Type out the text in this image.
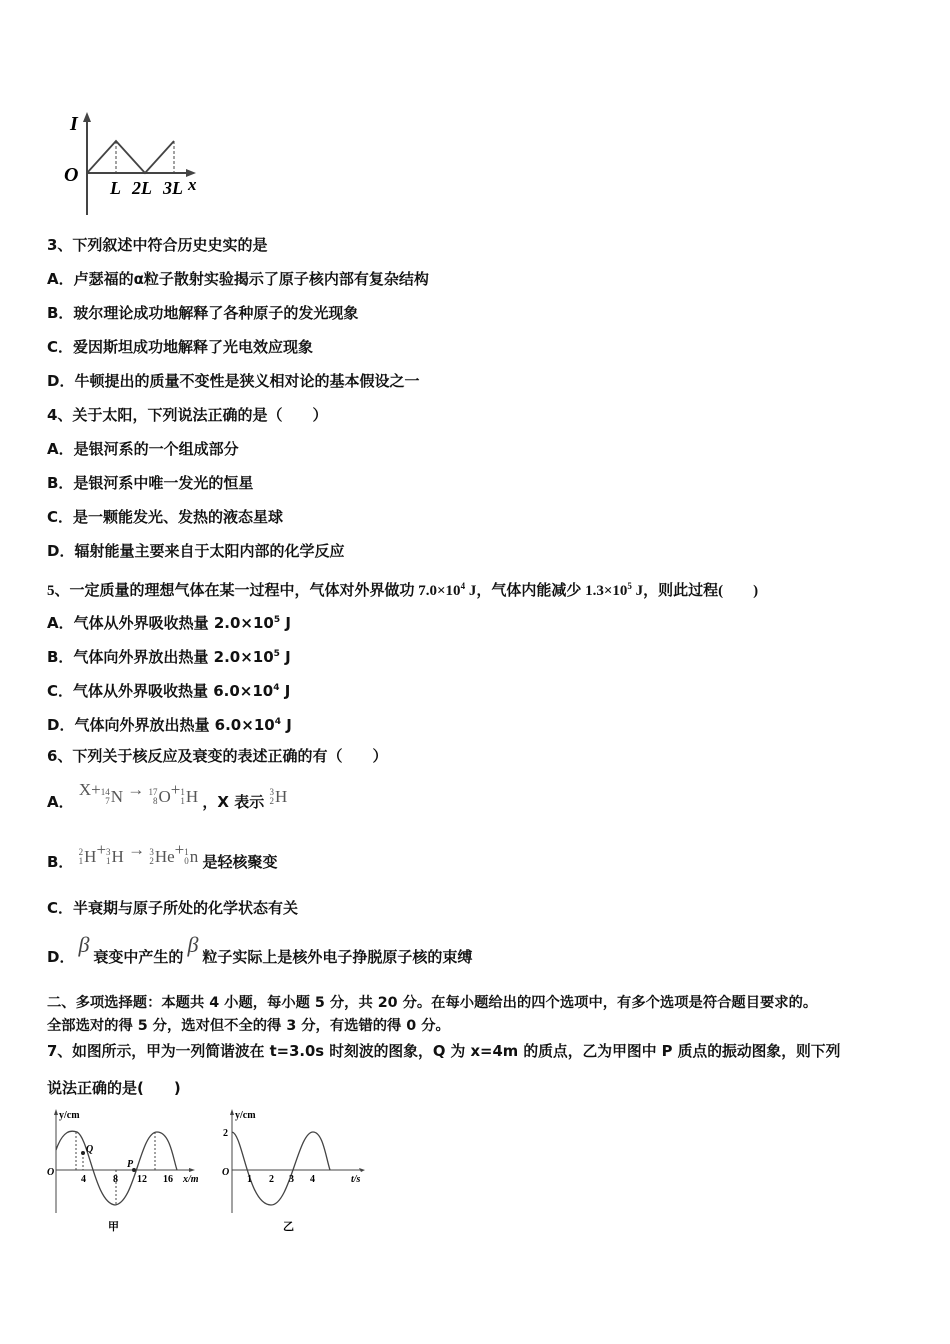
I
O
L 2L 3L x
3、下列叙述中符合历史史实的是
A．卢瑟福的α粒子散射实验揭示了原子核内部有复杂结构
B．玻尔理论成功地解释了各种原子的发光现象
C．爱因斯坦成功地解释了光电效应现象
D．牛顿提出的质量不变性是狭义相对论的基本假设之一
4、关于太阳，下列说法正确的是（　　）
A．是银河系的一个组成部分
B．是银河系中唯一发光的恒星
C．是一颗能发光、发热的液态星球
D．辐射能量主要来自于太阳内部的化学反应
5、一定质量的理想气体在某一过程中，气体对外界做功 $7.0\times 10^4$ J，气体内能减少 $1.3\times 10^5$ J，则此过程(　　)
A．气体从外界吸收热量 $2.0\times 10^5$ J
B．气体向外界放出热量 $2.0\times 10^5$ J
C．气体从外界吸收热量 $6.0\times 10^4$ J
D．气体向外界放出热量 $6.0\times 10^4$ J
6、下列关于核反应及衰变的表述正确的有（　　）
A． X+ 14
7 N → 17
8 O + 1
1 H ，X 表示
3
2 H
B．
2
1 H + 3
1 H → 3
2 He + 1
0 n 是轻核聚变
C．半衰期与原子所处的化学状态有关
D． β 衰变中产生的 β 粒子实际上是核外电子挣脱原子核的束缚
二、多项选择题：本题共 4 小题，每小题 5 分，共 20 分。在每小题给出的四个选项中，有多个选项是符合题目要求的。
全部选对的得 5 分，选对但不全的得 3 分，有选错的得 0 分。
7、如图所示，甲为一列简谐波在 t=3.0s 时刻波的图象，Q 为 x=4m 的质点，乙为甲图中 P 质点的振动图象，则下列
说法正确的是(　　)
y/cm
O
Q
P
4	8 12 16 x/m
甲
y/cm
2
O
1 2 3 4	t/s
乙
